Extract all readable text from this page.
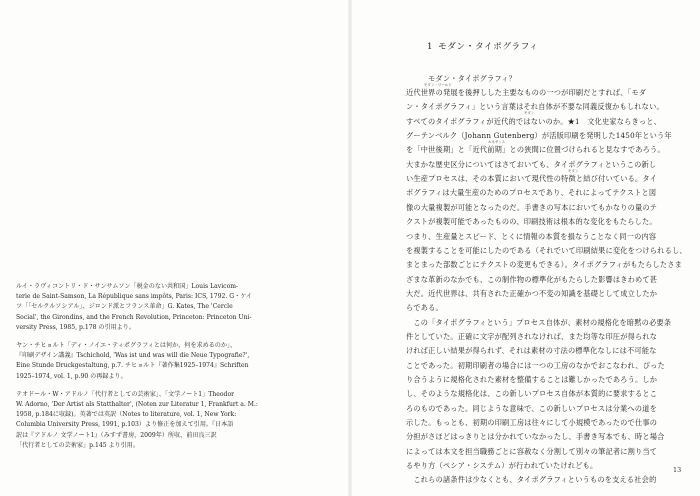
ルイ・ラヴィコントリ・ド・サンサムソン「税金のない共和国」Louis Lavicom-
terie de Saint-Samson, La République sans impôts, Paris: ICS, 1792. G・ケイ
ツ「「セルクルソシアル」、ジロンド派とフランス革命」G. Kates, The 'Cercle
Social', the Girondins, and the French Revolution, Princeton: Princeton Uni-
versity Press, 1985, p.178 の引用より。
ヤン・チヒョルト「ディ・ノイエ・ティポグラフィとは何か、何を求めるのか」、
『印刷デザイン講義』Tschichold, 'Was ist und was will die Neue Typografie?',
Eine Stunde Druckgestaltung, p.7. チヒョルト『著作集1925–1974』Schriften
1925–1974, vol. 1, p.90 の再録より。
テオドール・W・アドルノ「代行者としての芸術家」、「文学ノート1」Theodor
W. Adorno, 'Der Artist als Statthalter', (Noten zur Literatur 1, Frankfurt a. M.:
1958, p.184に収録)。英著では英訳（Notes to literature, vol. 1, New York:
Columbia University Press, 1991, p.103）より修正を加えて引用。『日本語
訳は『アドルノ 文学ノート1』（みすず書房、2009年）所収、前田良三訳
「代行者としての芸術家」p.145 より引用。
1 モダン・タイポグラフィ
モダン・タイポグラフィ？
近代世界の発展を後押しした主要なものの一つが印刷だとすれば、「モダ
ン・タイポグラフィ」という言葉はそれ自体が不要な同義反復かもしれない。
すべてのタイポグラフィが近代的ではないのか。★1　文化史家ならきっと、
グーテンベルク（Johann Gutenberg）が活版印刷を発明した1450年という年
を「中世後期」と「近代前期」との狭間に位置づけられると見なすであろう。
大まかな歴史区分についてはさておいても、タイポグラフィというこの新し
い生産プロセスは、その本質において現代性の特徴と結び付いている。タイ
ポグラフィは大量生産のためのプロセスであり、それによってテクストと図
像の大量複製が可能となったのだ。手書きの写本においてもかなりの量のテ
クストが複製可能であったものの、印刷技術は根本的な変化をもたらした。
つまり、生産量とスピード、とくに情報の本質を損なうことなく同一の内容
を複製することを可能にしたのである（それでいて印刷結果に変化をつけられるし、
まとまった部数ごとにテクストの変更もできる）。タイポグラフィがもたらしたさま
ざまな革新のなかでも、この制作物の標準化がもたらした影響はきわめて甚
大だ。近代世界は、共有された正確かつ不変の知識を基礎として成立したか
らである。
　この「タイポグラフィという」プロセス自体が、素材の規格化を暗黙の必要条
件としていた。正確に文字が配列されなければ、また均等な印圧が得られな
ければ正しい結果が得られず、それは素材の寸法の標準化なしには不可能な
ことであった。初期印刷者の場合には一つの工房のなかでおこなわれ、ぴった
り合うように規格化された素材を整備することは難しかったであろう。しか
し、そのような規格化は、この新しいプロセス自体が本質的に要求するとこ
ろのものであった。同じような意味で、この新しいプロセスは分業への道を
示した。もっとも、初期の印刷工房は往々にして小規模であったので仕事の
分担がさほどはっきりとは分かれていなかったし、手書き写本でも、時と場合
によっては本文を担当職務ごとに容赦なく分割して別々の筆記者に割り当て
るやり方（ペシア・システム）が行われていたけれども。
　これらの諸条件は少なくとも、タイポグラフィというものを支える社会的
モダン・ワールド
モダン
モダン
ルネサンス
13
